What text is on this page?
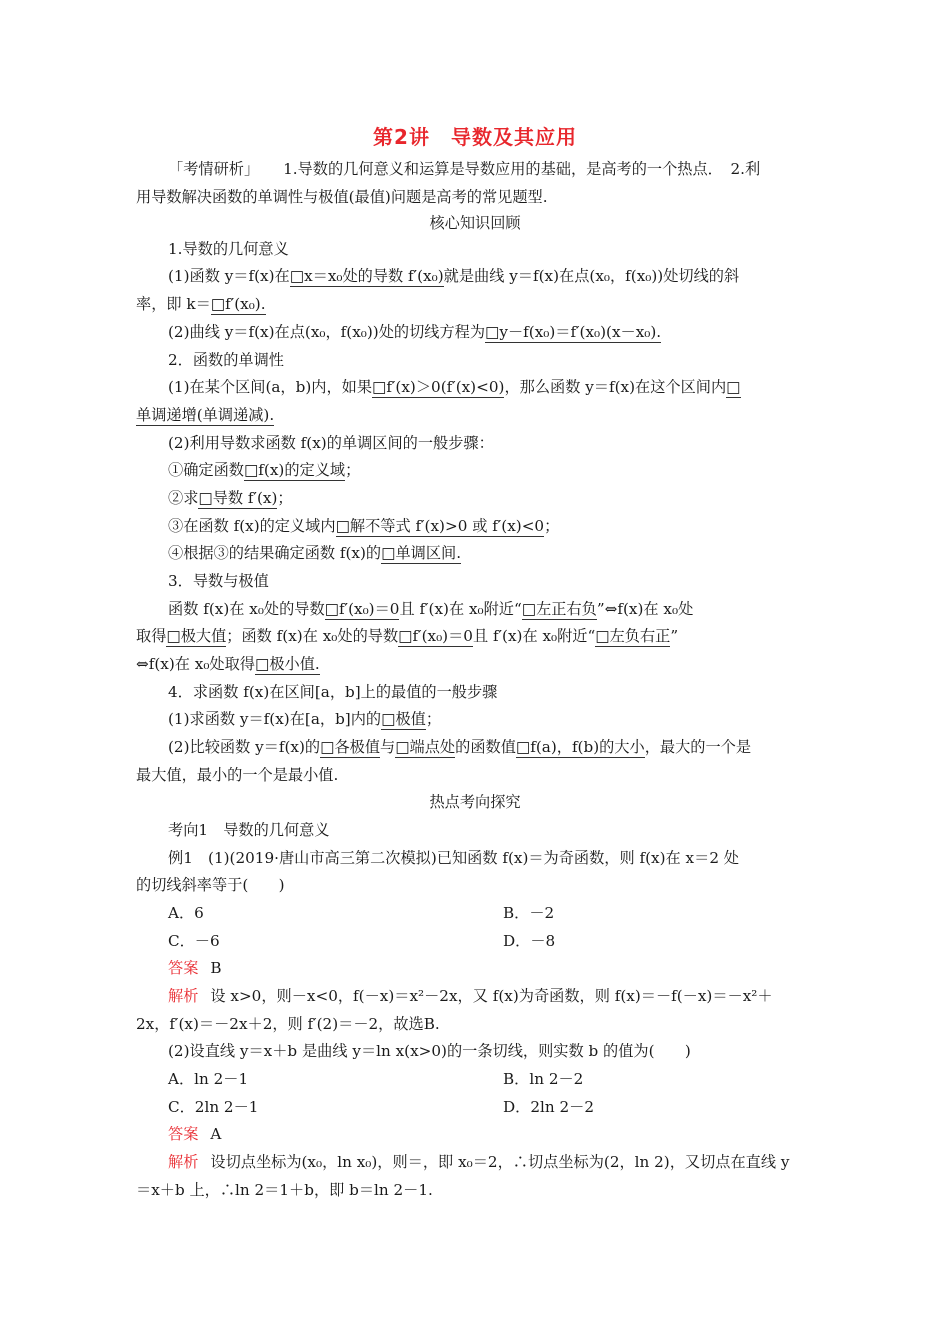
第2讲　导数及其应用
「考情研析」 1.导数的几何意义和运算是导数应用的基础，是高考的一个热点．　2.利
用导数解决函数的单调性与极值(最值)问题是高考的常见题型.
核心知识回顾
1.导数的几何意义
(1)函数 y＝f(x)在□x＝x₀处的导数 f′(x₀)就是曲线 y＝f(x)在点(x₀，f(x₀))处切线的斜
率，即 k＝□f′(x₀).
(2)曲线 y＝f(x)在点(x₀，f(x₀))处的切线方程为□y－f(x₀)＝f′(x₀)(x－x₀).
2．函数的单调性
(1)在某个区间(a，b)内，如果□f′(x)＞0(f′(x)<0)，那么函数 y＝f(x)在这个区间内□
单调递增(单调递减).
(2)利用导数求函数 f(x)的单调区间的一般步骤：
①确定函数□f(x)的定义域；
②求□导数 f′(x)；
③在函数 f(x)的定义域内□解不等式 f′(x)>0 或 f′(x)<0；
④根据③的结果确定函数 f(x)的□单调区间.
3．导数与极值
函数 f(x)在 x₀处的导数□f′(x₀)＝0且 f′(x)在 x₀附近“□左正右负”⇔f(x)在 x₀处
取得□极大值；函数 f(x)在 x₀处的导数□f′(x₀)＝0且 f′(x)在 x₀附近“□左负右正”
⇔f(x)在 x₀处取得□极小值.
4．求函数 f(x)在区间[a，b]上的最值的一般步骤
(1)求函数 y＝f(x)在[a，b]内的□极值；
(2)比较函数 y＝f(x)的□各极值与□端点处的函数值□f(a)，f(b)的大小，最大的一个是
最大值，最小的一个是最小值.
热点考向探究
考向1　导数的几何意义
例1　(1)(2019·唐山市高三第二次模拟)已知函数 f(x)＝为奇函数，则 f(x)在 x＝2 处
的切线斜率等于(　　)
A．6	B．－2
C．－6	D．－8
答案 B
解析 设 x>0，则－x<0，f(－x)＝x²－2x，又 f(x)为奇函数，则 f(x)＝－f(－x)＝－x²＋
2x，f′(x)＝－2x＋2，则 f′(2)＝－2，故选B.
(2)设直线 y＝x＋b 是曲线 y＝ln x(x>0)的一条切线，则实数 b 的值为(　　)
A．ln 2－1	B．ln 2－2
C．2ln 2－1	D．2ln 2－2
答案 A
解析 设切点坐标为(x₀，ln x₀)，则＝，即 x₀＝2，∴切点坐标为(2，ln 2)，又切点在直线 y
＝x＋b 上，∴ln 2＝1＋b，即 b＝ln 2－1.
